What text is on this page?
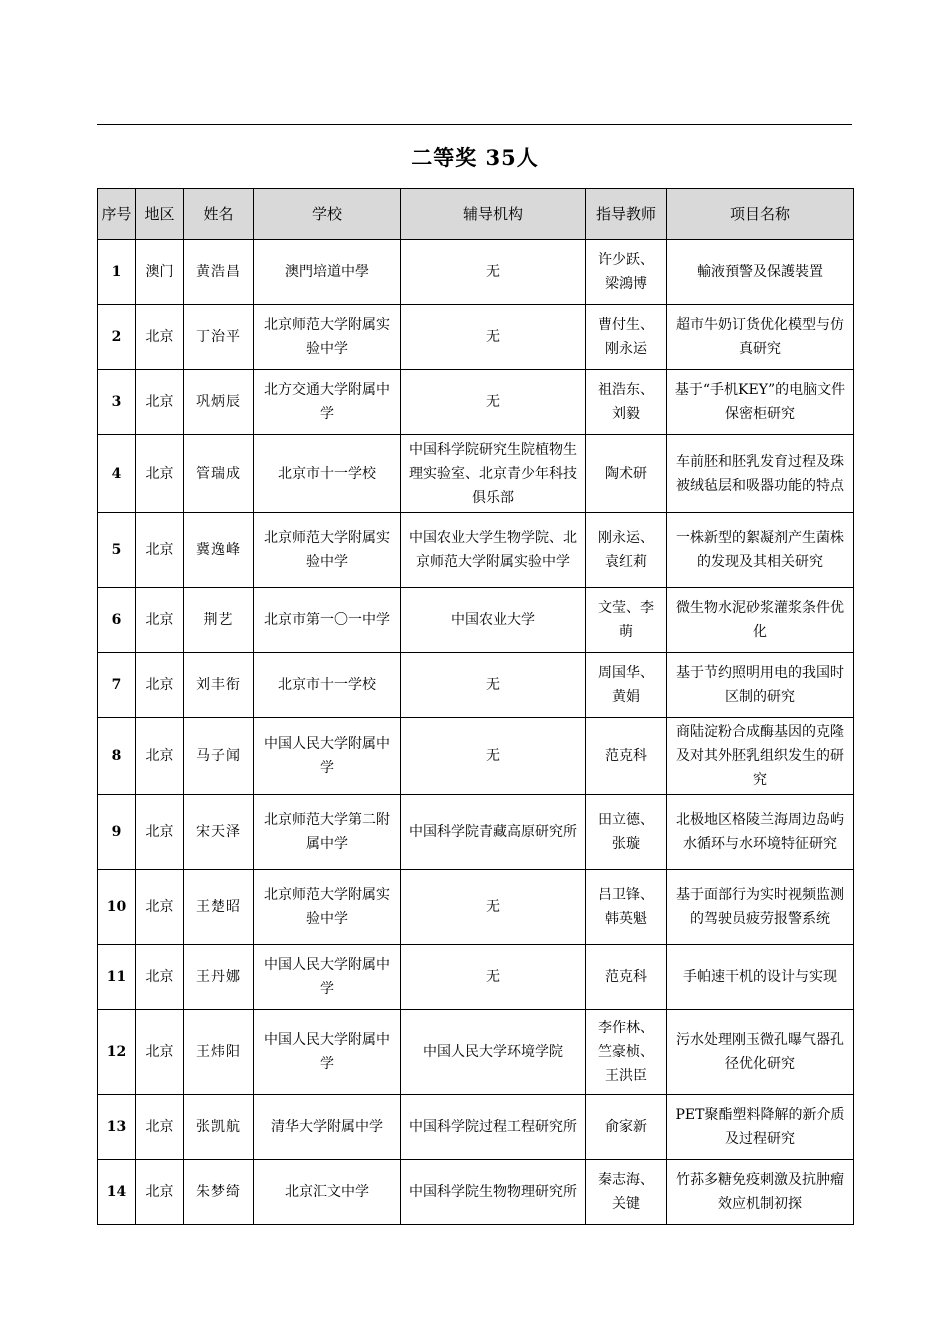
二等奖 35人
序号	地区	姓名	学校	辅导机构	指导教师	项目名称
1	澳门	黄浩昌	澳門培道中學	无	许少跃、梁鴻博	輸液預警及保護裝置
2	北京	丁治平	北京师范大学附属实验中学	无	曹付生、刚永运	超市牛奶订货优化模型与仿真研究
3	北京	巩炳辰	北方交通大学附属中学	无	祖浩东、刘毅	基于“手机KEY”的电脑文件保密柜研究
4	北京	管瑞成	北京市十一学校	中国科学院研究生院植物生理实验室、北京青少年科技俱乐部	陶术研	车前胚和胚乳发育过程及珠被绒毡层和吸器功能的特点
5	北京	冀逸峰	北京师范大学附属实验中学	中国农业大学生物学院、北京师范大学附属实验中学	刚永运、袁红莉	一株新型的絮凝剂产生菌株的发现及其相关研究
6	北京	荆艺	北京市第一〇一中学	中国农业大学	文莹、李萌	微生物水泥砂浆灌浆条件优化
7	北京	刘丰衔	北京市十一学校	无	周国华、黄娟	基于节约照明用电的我国时区制的研究
8	北京	马子闻	中国人民大学附属中学	无	范克科	商陆淀粉合成酶基因的克隆及对其外胚乳组织发生的研究
9	北京	宋天泽	北京师范大学第二附属中学	中国科学院青藏高原研究所	田立德、张璇	北极地区格陵兰海周边岛屿水循环与水环境特征研究
10	北京	王楚昭	北京师范大学附属实验中学	无	吕卫锋、韩英魁	基于面部行为实时视频监测的驾驶员疲劳报警系统
11	北京	王丹娜	中国人民大学附属中学	无	范克科	手帕速干机的设计与实现
12	北京	王炜阳	中国人民大学附属中学	中国人民大学环境学院	李作林、竺豪桢、王洪臣	污水处理刚玉微孔曝气器孔径优化研究
13	北京	张凯航	清华大学附属中学	中国科学院过程工程研究所	俞家新	PET聚酯塑料降解的新介质及过程研究
14	北京	朱梦绮	北京汇文中学	中国科学院生物物理研究所	秦志海、关键	竹荪多糖免疫刺激及抗肿瘤效应机制初探
